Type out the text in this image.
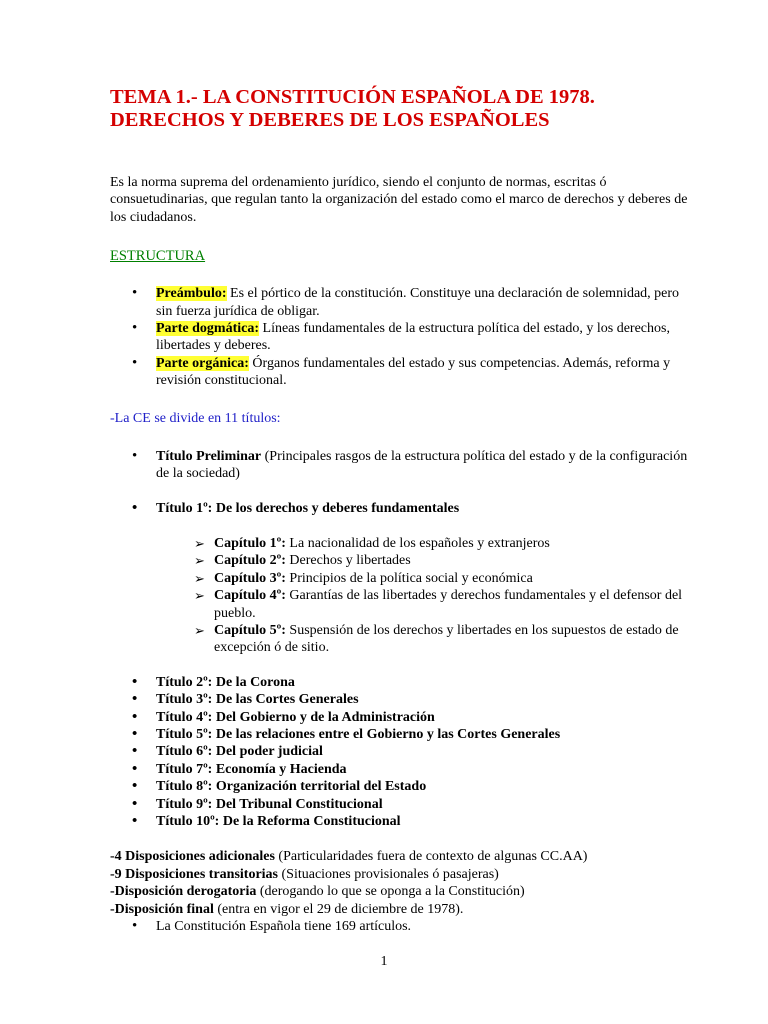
TEMA 1.- LA CONSTITUCIÓN ESPAÑOLA DE 1978.
DERECHOS Y DEBERES DE LOS ESPAÑOLES

Es la norma suprema del ordenamiento jurídico, siendo el conjunto de normas, escritas ó consuetudinarias, que regulan tanto la organización del estado como el marco de derechos y deberes de los ciudadanos.

ESTRUCTURA
• Preámbulo: Es el pórtico de la constitución. Constituye una declaración de solemnidad, pero sin fuerza jurídica de obligar.
• Parte dogmática: Líneas fundamentales de la estructura política del estado, y los derechos, libertades y deberes.
• Parte orgánica: Órganos fundamentales del estado y sus competencias. Además, reforma y revisión constitucional.
-La CE se divide en 11 títulos:
• Título Preliminar (Principales rasgos de la estructura política del estado y de la configuración de la sociedad)
• Título 1º: De los derechos y deberes fundamentales
➢ Capítulo 1º: La nacionalidad de los españoles y extranjeros
➢ Capítulo 2º: Derechos y libertades
➢ Capítulo 3º: Principios de la política social y económica
➢ Capítulo 4º: Garantías de las libertades y derechos fundamentales y el defensor del pueblo.
➢ Capítulo 5º: Suspensión de los derechos y libertades en los supuestos de estado de excepción ó de sitio.
• Título 2º: De la Corona
• Título 3º: De las Cortes Generales
• Título 4º: Del Gobierno y de la Administración
• Título 5º: De las relaciones entre el Gobierno y las Cortes Generales
• Título 6º: Del poder judicial
• Título 7º: Economía y Hacienda
• Título 8º: Organización territorial del Estado
• Título 9º: Del Tribunal Constitucional
• Título 10º: De la Reforma Constitucional

-4 Disposiciones adicionales (Particularidades fuera de contexto de algunas CC.AA)

-9 Disposiciones transitorias (Situaciones provisionales ó pasajeras)

-Disposición derogatoria (derogando lo que se oponga a la Constitución)

-Disposición final (entra en vigor el 29 de diciembre de 1978).

• La Constitución Española tiene 169 artículos.
1
